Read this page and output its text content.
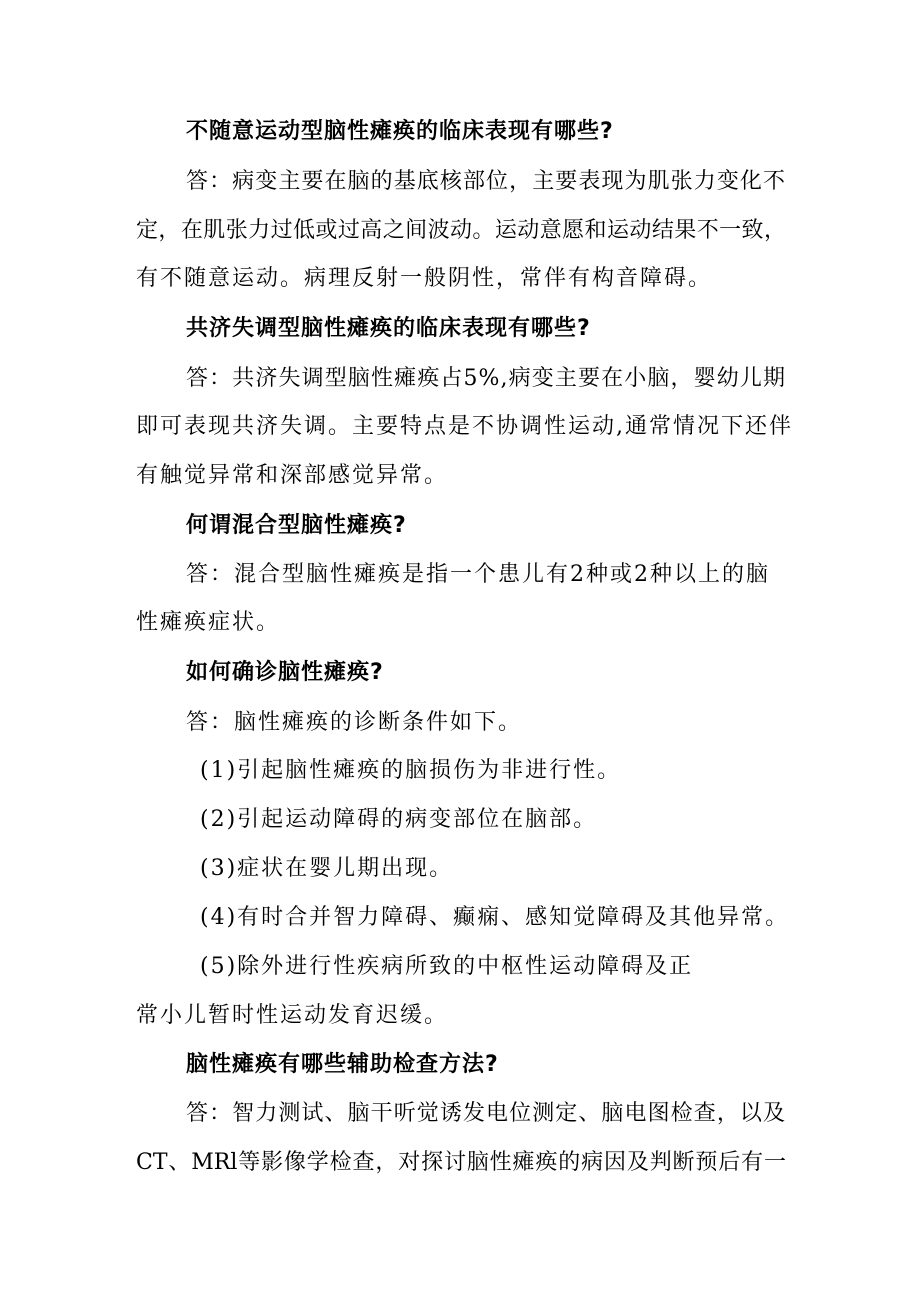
不随意运动型脑性瘫痪的临床表现有哪些?
答：病变主要在脑的基底核部位，主要表现为肌张力变化不
定，在肌张力过低或过高之间波动。运动意愿和运动结果不一致，
有不随意运动。病理反射一般阴性，常伴有构音障碍。
共济失调型脑性瘫痪的临床表现有哪些?
答：共济失调型脑性瘫痪占5%,病变主要在小脑，婴幼儿期
即可表现共济失调。主要特点是不协调性运动,通常情况下还伴
有触觉异常和深部感觉异常。
何谓混合型脑性瘫痪?
答：混合型脑性瘫痪是指一个患儿有2种或2种以上的脑
性瘫痪症状。
如何确诊脑性瘫痪?
答：脑性瘫痪的诊断条件如下。
(1)引起脑性瘫痪的脑损伤为非进行性。
(2)引起运动障碍的病变部位在脑部。
(3)症状在婴儿期出现。
(4)有时合并智力障碍、癫痫、感知觉障碍及其他异常。
(5)除外进行性疾病所致的中枢性运动障碍及正
常小儿暂时性运动发育迟缓。
脑性瘫痪有哪些辅助检查方法?
答：智力测试、脑干听觉诱发电位测定、脑电图检查，以及
CT、MRl等影像学检查，对探讨脑性瘫痪的病因及判断预后有一
